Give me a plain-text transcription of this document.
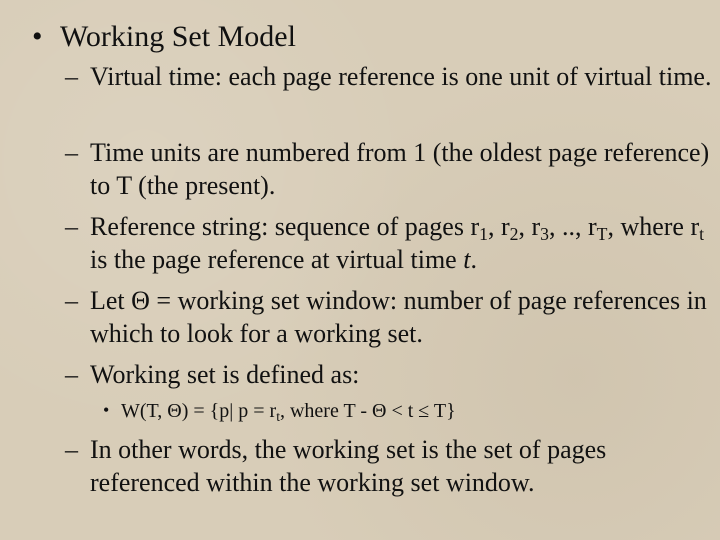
• Working Set Model
– Virtual time: each page reference is one unit of virtual time.
– Time units are numbered from 1 (the oldest page reference) to T (the present).
– Reference string: sequence of pages $r_1$, $r_2$, $r_3$, .., $r_T$, where $r_t$ is the page reference at virtual time t.
– Let Θ = working set window: number of page references in which to look for a working set.
– Working set is defined as:
• W(T, Θ) = {p| $p = r_t$, where T - Θ < t ≤ T}
– In other words, the working set is the set of pages referenced within the working set window.
